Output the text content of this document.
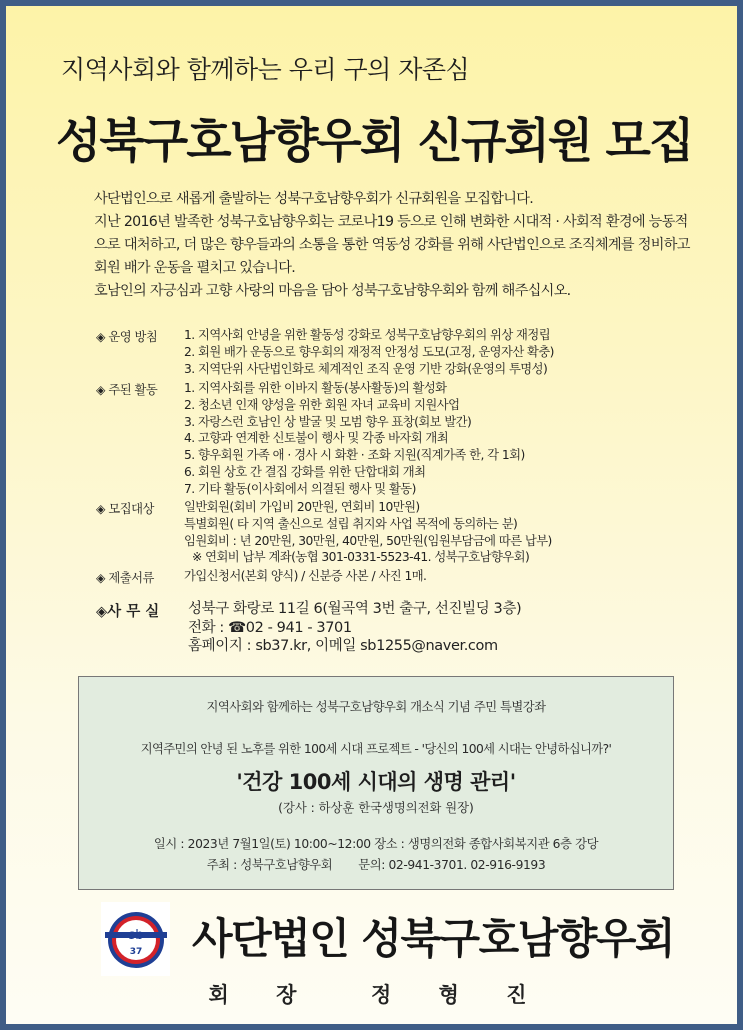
지역사회와 함께하는 우리 구의 자존심
성북구호남향우회 신규회원 모집

사단법인으로 새롭게 출발하는 성북구호남향우회가 신규회원을 모집합니다.

지난 2016년 발족한 성북구호남향우회는 코로나19 등으로 인해 변화한 시대적 · 사회적 환경에 능동적으로 대처하고, 더 많은 향우들과의 소통을 통한 역동성 강화를 위해 사단법인으로 조직체계를 정비하고 회원 배가 운동을 펼치고 있습니다.

호남인의 자긍심과 고향 사랑의 마음을 담아 성북구호남향우회와 함께 해주십시오.

◈ 운영 방침 1. 지역사회 안녕을 위한 활동성 강화로 성북구호남향우회의 위상 재정립
2. 회원 배가 운동으로 향우회의 재정적 안정성 도모(고정, 운영자산 확충)
3. 지역단위 사단법인화로 체계적인 조직 운영 기반 강화(운영의 투명성)
◈ 주된 활동 1. 지역사회를 위한 이바지 활동(봉사활동)의 활성화
2. 청소년 인재 양성을 위한 회원 자녀 교육비 지원사업
3. 자랑스런 호남인 상 발굴 및 모범 향우 표창(회보 발간)
4. 고향과 연계한 신토불이 행사 및 각종 바자회 개최
5. 향우회원 가족 애 · 경사 시 화환 · 조화 지원(직계가족 한, 각 1회)
6. 회원 상호 간 결집 강화를 위한 단합대회 개최
7. 기타 활동(이사회에서 의결된 행사 및 활동)
◈ 모집대상 일반회원(회비 가입비 20만원, 연회비 10만원)
특별회원( 타 지역 출신으로 설립 취지와 사업 목적에 동의하는 분)
임원회비 : 년 20만원, 30만원, 40만원, 50만원(임원부담금에 따른 납부)
※ 연회비 납부 계좌(농협 301-0331-5523-41. 성북구호남향우회)
◈ 제출서류 가입신청서(본회 양식) / 신분증 사본 / 사진 1매.
◈사 무 실 성북구 화랑로 11길 6(월곡역 3번 출구, 선진빌딩 3층)
전화 : ☎02 - 941 - 3701
홈페이지 : sb37.kr, 이메일 sb1255@naver.com
지역사회와 함께하는 성북구호남향우회 개소식 기념 주민 특별강좌
지역주민의 안녕 된 노후를 위한 100세 시대 프로젝트 - '당신의 100세 시대는 안녕하십니까?'
'건강 100세 시대의 생명 관리'
(강사 : 하상훈 한국생명의전화 원장)
일시 : 2023년 7월1일(토) 10:00~12:00 장소 : 생명의전화 종합사회복지관 6층 강당
주최 : 성북구호남향우회 문의: 02-941-3701. 02-916-9193
sb
37 사단법인 성북구호남향우회
회 장  정 형 진
